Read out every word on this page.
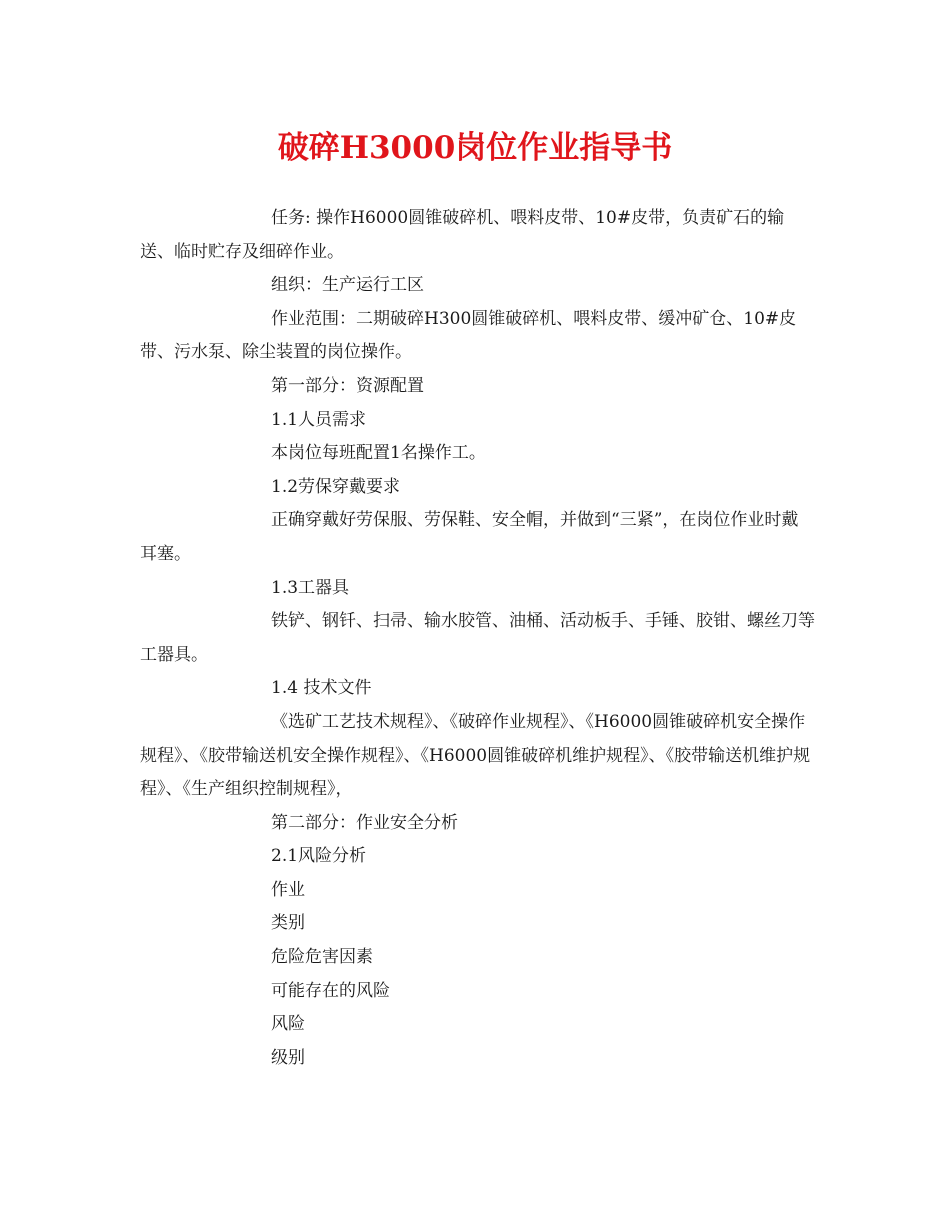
破碎H3000岗位作业指导书

任务: 操作H6000圆锥破碎机、喂料皮带、10#皮带，负责矿石的输送、临时贮存及细碎作业。

组织：生产运行工区

作业范围：二期破碎H300圆锥破碎机、喂料皮带、缓冲矿仓、10#皮带、污水泵、除尘装置的岗位操作。

第一部分：资源配置

1.1人员需求

本岗位每班配置1名操作工。

1.2劳保穿戴要求

正确穿戴好劳保服、劳保鞋、安全帽，并做到“三紧”，在岗位作业时戴耳塞。

1.3工器具

铁铲、钢钎、扫帚、输水胶管、油桶、活动板手、手锤、胶钳、螺丝刀等工器具。

1.4 技术文件

《选矿工艺技术规程》、《破碎作业规程》、《H6000圆锥破碎机安全操作规程》、《胶带输送机安全操作规程》、《H6000圆锥破碎机维护规程》、《胶带输送机维护规程》、《生产组织控制规程》，

第二部分：作业安全分析

2.1风险分析

作业

类别

危险危害因素

可能存在的风险

风险

级别
